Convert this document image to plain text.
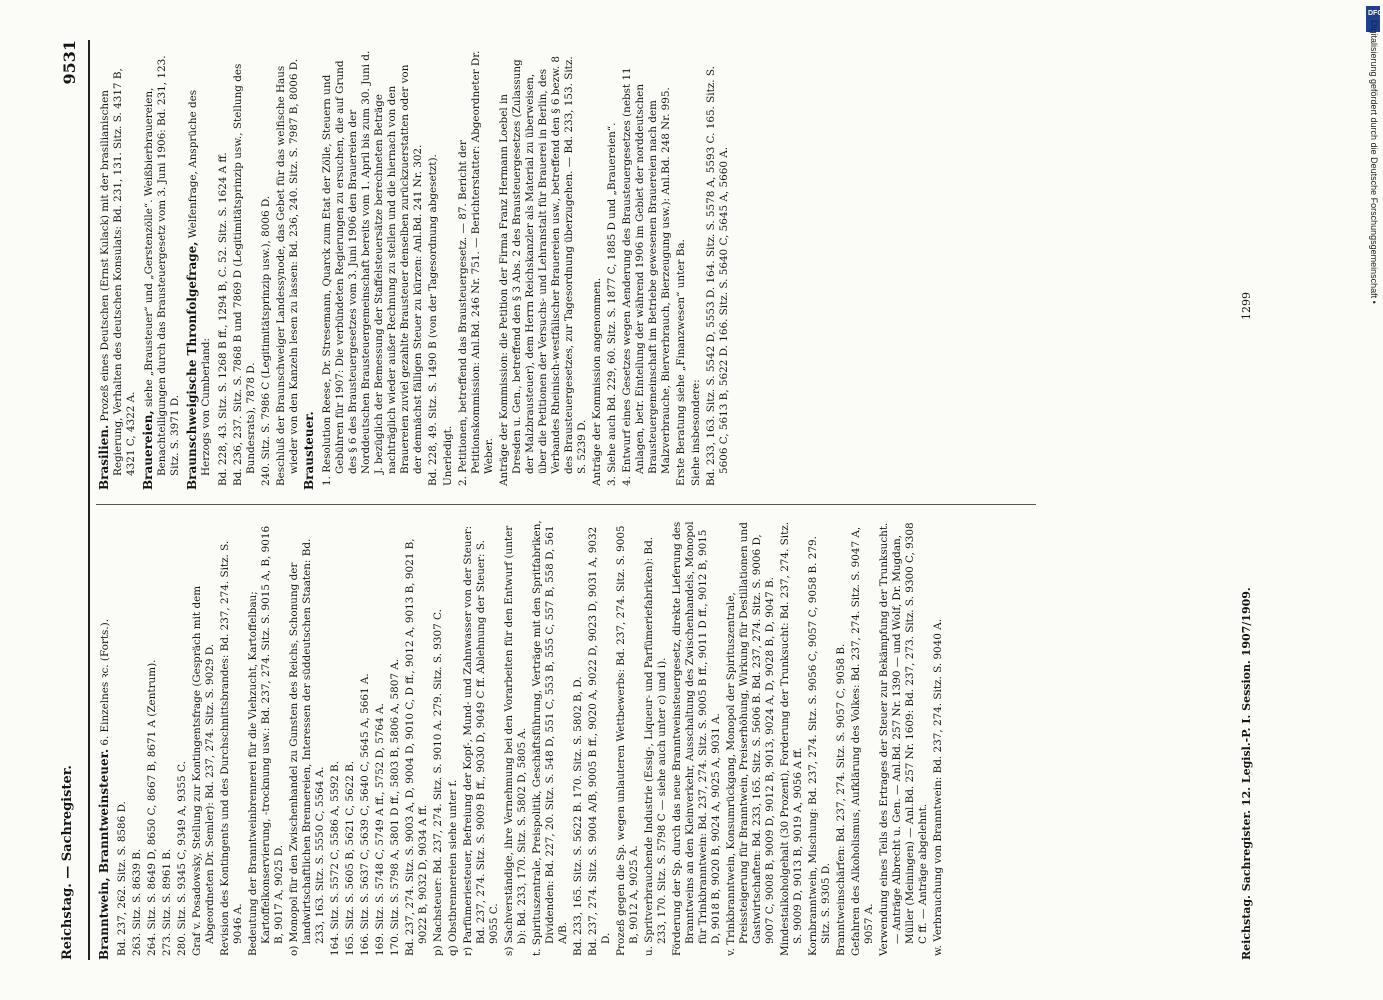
Reichstag. — Sachregister.
9531
Branntwein, Branntweinsteuer. 6. Einzelnes ꝛc. (Forts.).
Bd. 237, 262. Sitz. S. 8586 D. 263. Sitz. S. 8639 B. 264. Sitz. S. 8649 D, 8650 C, 8667 B, 8671 A (Zentrum). 273. Sitz. S. 8961 B. 280. Sitz. S. 9345 C, 9349 A, 9355 C. Graf v. Posadowsky, Stellung zur Kontingentsfrage (Gespräch mit dem Abgeordneten Dr. Semler): Bd. 237, 274. Sitz. S. 9029 D. Revision des Kontingents und des Durchschnittsbrandes: Bd. 237, 274. Sitz. S. 9046 A. Bedeutung der Branntweinbrennerei für die Viehzucht, Kartoffelbau; Kartoffelkonservierung, -trocknung usw.: Bd. 237, 274. Sitz. S. 9015 A, B, 9016 B, 9017 A, 9025 D. o) Monopol für den Zwischenhandel zu Gunsten des Reichs, Schonung der landwirtschaftlichen Brennereien, Interessen der süddeutschen Staaten: Bd. 233, 163. Sitz. S. 5550 C, 5564 A. 164. Sitz. S. 5572 C, 5586 A, 5592 B. 165. Sitz. S. 5605 B, 5621 C, 5622 B. 166. Sitz. S. 5637 C, 5639 C, 5640 C, 5645 A, 5661 A. 169. Sitz. S. 5748 C, 5749 A ff., 5752 D, 5764 A. 170. Sitz. S. 5798 A, 5801 D ff., 5803 B, 5806 A, 5807 A. Bd. 237, 274. Sitz. S. 9003 A, D, 9004 D, 9010 C, D ff., 9012 A, 9013 B, 9021 B, 9022 B, 9032 D, 9034 A ff. p) Nachsteuer: Bd. 237, 274. Sitz. S. 9010 A. 279. Sitz. S. 9307 C. q) Obstbrennereien siehe unter f. r) Parfümeriesteuer, Befreiung der Kopf-, Mund- und Zahnwasser von der Steuer: Bd. 237, 274. Sitz. S. 9009 B ff., 9030 D, 9049 C ff. Ablehnung der Steuer: S. 9055 C. s) Sachverständige, ihre Vernehmung bei den Vorarbeiten für den Entwurf (unter b): Bd. 233, 170. Sitz. S. 5802 D, 5805 A. t. Spirituszentrale, Preispolitik, Geschäftsführung, Verträge mit den Spritfabriken, Dividenden: Bd. 227, 20. Sitz. S. 548 D, 551 C, 553 B, 555 C, 557 B, 558 D, 561 A/B. Bd. 233, 165. Sitz. S. 5622 B. 170. Sitz. S. 5802 B, D. Bd. 237, 274. Sitz. S. 9004 A/B, 9005 B ff., 9020 A, 9022 D, 9023 D, 9031 A, 9032 D. Prozeß gegen die Sp. wegen unlauteren Wettbewerbs: Bd. 237, 274. Sitz. S. 9005 B, 9012 A, 9025 A. u. Spritverbrauchende Industrie (Essig-, Liqueur- und Parfümeriefabriken): Bd. 233, 170. Sitz. S. 5798 C — siehe auch unter c) und i). Förderung der Sp. durch das neue Branntweinsteuergesetz, direkte Lieferung des Branntweins an den Kleinverkehr, Ausschaltung des Zwischenhandels, Monopol für Trinkbranntwein: Bd. 237, 274. Sitz. S. 9005 B ff., 9011 D ff., 9012 B, 9015 D, 9018 B, 9020 B, 9024 A, 9025 A, 9031 A. v. Trinkbranntwein, Konsumrückgang, Monopol der Spirituszentrale, Preissteigerung für Branntwein, Preiserhöhung, Wirkung für Destillationen und Gastwirtschaften: Bd. 233, 165. Sitz. S. 5606 B. Bd. 237, 274. Sitz. S. 9006 D, 9007 C, 9008 B, 9009 D, 9012 B, 9013, 9024 A, D, 9028 B, D, 9047 B. Mindestalkoholgehalt (30 Prozent), Forderung der Trunksucht: Bd. 237, 274. Sitz. S. 9009 D, 9013 B, 9019 A, 9056 A ff. Kornbranntwein, Mischung: Bd. 237, 274. Sitz. S. 9056 C, 9057 C, 9058 B. 279. Sitz. S. 9305 D. Branntweinschärfen: Bd. 237, 274. Sitz. S. 9057 C, 9058 B. Gefahren des Alkoholismus, Aufklärung des Volkes: Bd. 237, 274. Sitz. S. 9047 A, 9057 A. Verwendung eines Teils des Ertrages der Steuer zur Bekämpfung der Trunksucht. — Anträge Albrecht u. Gen. — Anl.Bd. 257 Nr. 1390 — und Wolf, Dr. Mugdan, Müller (Meiningen) — Anl.Bd. 257 Nr. 1609: Bd. 237, 273. Sitz. S. 9300 C, 9308 C ff. — Anträge abgelehnt. w. Verbrauchung von Branntwein: Bd. 237, 274. Sitz. S. 9040 A.
Brasilien. Prozeß eines Deutschen (Ernst Kulack) mit der brasilianischen Regierung, Verhalten des deutschen Konsulats: Bd. 231, 131. Sitz. S. 4317 B, 4321 C, 4322 A. Brauereien, siehe „Brausteuer“ und „Gerstenzölle“. Weißbierbrauereien, Benachteiligungen durch das Brausteuergesetz vom 3. Juni 1906: Bd. 231, 123. Sitz. S. 3971 D. Braunschweigische Thronfolgefrage, Welfenfrage, Ansprüche des Herzogs von Cumberland: Bd. 228, 43. Sitz. S. 1268 B ff., 1294 B, C. 52. Sitz. S. 1624 A ff. Bd. 236, 237. Sitz. S. 7868 B und 7869 D (Legitimitätsprinzip usw., Stellung des Bundesrats), 7878 D. 240. Sitz. S. 7986 C (Legitimitätsprinzip usw.), 8006 D. Beschluß der Braunschweiger Landessynode, das Gebet für das welfische Haus wieder von den Kanzeln lesen zu lassen: Bd. 236, 240. Sitz. S. 7987 B, 8006 D. Brausteuer. 1. Resolution Reese, Dr. Stresemann, Quarck zum Etat der Zölle, Steuern und Gebühren für 1907: Die verbündeten Regierungen zu ersuchen, die auf Grund des § 6 des Brausteuergesetzes vom 3. Juni 1906 den Brauereien der Norddeutschen Brausteuergemeinschaft bereits vom 1. April bis zum 30. Juni d. J. bezüglich der Bemessung der Staffelsteuersätze berechneten Beträge nachträglich wieder außer Rechnung zu stellen und die hiernach von den Brauereien zuviel gezahlte Brausteuer denselben zurückzuerstatten oder von der demnächst fälligen Steuer zu kürzen: Anl.Bd. 241 Nr. 302. Bd. 228, 49. Sitz. S. 1490 B (von der Tagesordnung abgesetzt). Unerledigt. 2. Petitionen, betreffend das Brausteuergesetz. — 87. Bericht der Petitionskommission: Anl.Bd. 246 Nr. 751. — Berichterstatter: Abgeordneter Dr. Weber. Anträge der Kommission: die Petition der Firma Franz Hermann Loebel in Dresden u. Gen., betreffend den § 3 Abs. 2 des Brausteuergesetzes (Zulassung der Malzbrausteuer), dem Herrn Reichskanzler als Material zu überweisen, über die Petitionen der Versuchs- und Lehranstalt für Brauerei in Berlin, des Verbandes Rheinisch-westfälischer Brauereien usw., betreffend den § 6 bezw. 8 des Brausteuergesetzes, zur Tagesordnung überzugehen. — Bd. 233, 153. Sitz. S. 5239 D. Anträge der Kommission angenommen. 3. Siehe auch Bd. 229, 60. Sitz. S. 1877 C, 1885 D und „Brauereien“. 4. Entwurf eines Gesetzes wegen Aenderung des Brausteuergesetzes (nebst 11 Anlagen, betr. Einteilung der während 1906 im Gebiet der norddeutschen Brausteuergemeinschaft im Betriebe gewesenen Brauereien nach dem Malzverbrauche, Bierverbrauch, Bierzeugung usw.): Anl.Bd. 248 Nr. 995. Erste Beratung siehe „Finanzwesen“ unter Ba. Siehe insbesondere: Bd. 233, 163. Sitz. S. 5542 D, 5553 D. 164. Sitz. S. 5578 A, 5593 C. 165. Sitz. S. 5606 C, 5613 B, 5622 D. 166. Sitz. S. 5640 C, 5645 A, 5660 A.
Reichstag. Sachregister. 12. Legisl.-P. I. Session. 1907/1909.
1299
DFG
Digitalisierung gefördert durch die Deutsche Forschungsgemeinschaft •
